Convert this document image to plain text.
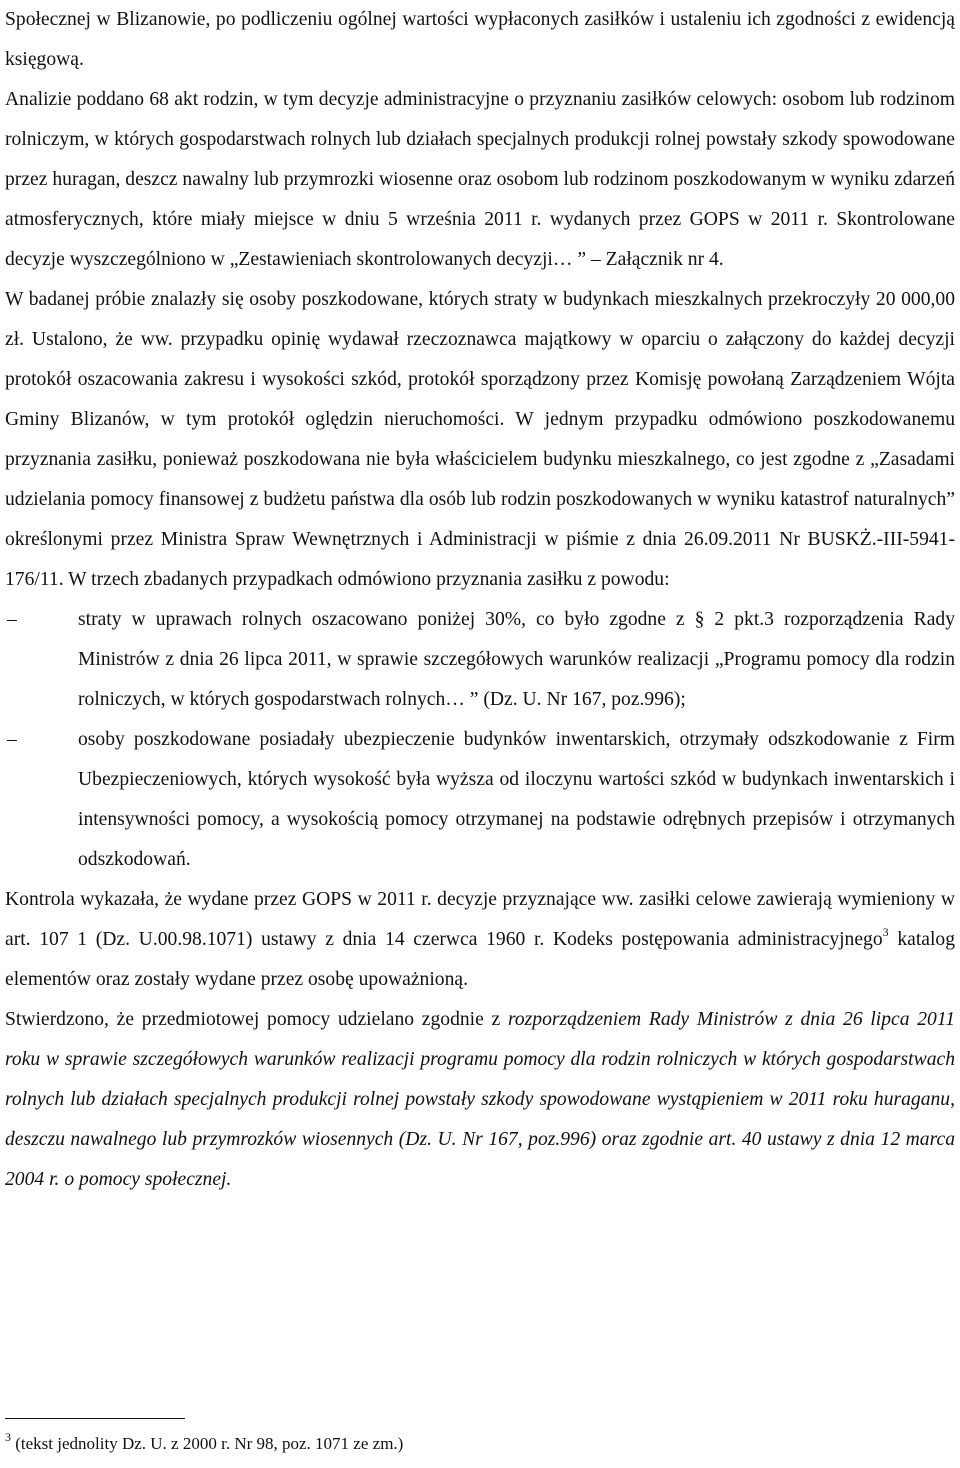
Społecznej w Blizanowie, po podliczeniu ogólnej wartości wypłaconych zasiłków i ustaleniu ich zgodności z ewidencją księgową.

Analizie poddano 68 akt rodzin, w tym decyzje administracyjne o przyznaniu zasiłków celowych: osobom lub rodzinom rolniczym, w których gospodarstwach rolnych lub działach specjalnych produkcji rolnej powstały szkody spowodowane przez huragan, deszcz nawalny lub przymrozki wiosenne oraz osobom lub rodzinom poszkodowanym w wyniku zdarzeń atmosferycznych, które miały miejsce w dniu 5 września 2011 r. wydanych przez GOPS w 2011 r. Skontrolowane decyzje wyszczególniono w „Zestawieniach skontrolowanych decyzji… ” – Załącznik nr 4.

W badanej próbie znalazły się osoby poszkodowane, których straty w budynkach mieszkalnych przekroczyły 20 000,00 zł. Ustalono, że ww. przypadku opinię wydawał rzeczoznawca majątkowy w oparciu o załączony do każdej decyzji protokół oszacowania zakresu i wysokości szkód, protokół sporządzony przez Komisję powołaną Zarządzeniem Wójta Gminy Blizanów, w tym protokół oględzin nieruchomości. W jednym przypadku odmówiono poszkodowanemu przyznania zasiłku, ponieważ poszkodowana nie była właścicielem budynku mieszkalnego, co jest zgodne z „Zasadami udzielania pomocy finansowej z budżetu państwa dla osób lub rodzin poszkodowanych w wyniku katastrof naturalnych” określonymi przez Ministra Spraw Wewnętrznych i Administracji w piśmie z dnia 26.09.2011 Nr BUSKŻ.-III-5941-176/11. W trzech zbadanych przypadkach odmówiono przyznania zasiłku z powodu:

–	straty w uprawach rolnych oszacowano poniżej 30%, co było zgodne z § 2 pkt.3 rozporządzenia Rady Ministrów z dnia 26 lipca 2011, w sprawie szczegółowych warunków realizacji „Programu pomocy dla rodzin rolniczych, w których gospodarstwach rolnych… ” (Dz. U. Nr 167, poz.996);
–	osoby poszkodowane posiadały ubezpieczenie budynków inwentarskich, otrzymały odszkodowanie z Firm Ubezpieczeniowych, których wysokość była wyższa od iloczynu wartości szkód w budynkach inwentarskich i intensywności pomocy, a wysokością pomocy otrzymanej na podstawie odrębnych przepisów i otrzymanych odszkodowań.

Kontrola wykazała, że wydane przez GOPS w 2011 r. decyzje przyznające ww. zasiłki celowe zawierają wymieniony w art. 107 1 (Dz. U.00.98.1071) ustawy z dnia 14 czerwca 1960 r. Kodeks postępowania administracyjnego$^3$ katalog elementów oraz zostały wydane przez osobę upoważnioną.

Stwierdzono, że przedmiotowej pomocy udzielano zgodnie z rozporządzeniem Rady Ministrów z dnia 26 lipca 2011 roku w sprawie szczegółowych warunków realizacji programu pomocy dla rodzin rolniczych w których gospodarstwach rolnych lub działach specjalnych produkcji rolnej powstały szkody spowodowane wystąpieniem w 2011 roku huraganu, deszczu nawalnego lub przymrozków wiosennych (Dz. U. Nr 167, poz.996) oraz zgodnie art. 40 ustawy z dnia 12 marca 2004 r. o pomocy społecznej.

$^3$ (tekst jednolity Dz. U. z 2000 r. Nr 98, poz. 1071 ze zm.)
